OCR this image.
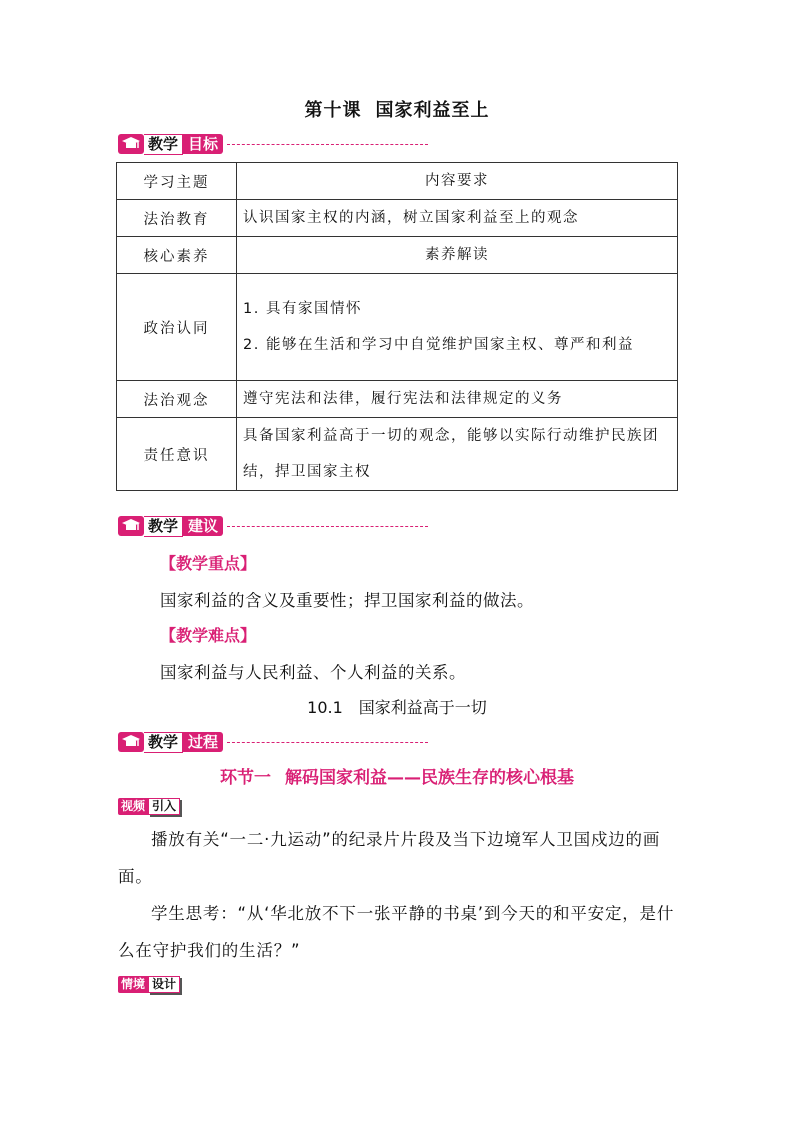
第十课 国家利益至上
教学 目标
学习主题	内容要求
法治教育	认识国家主权的内涵，树立国家利益至上的观念
核心素养	素养解读
政治认同	1. 具有家国情怀
2. 能够在生活和学习中自觉维护国家主权、尊严和利益

法治观念	遵守宪法和法律，履行宪法和法律规定的义务
责任意识	具备国家利益高于一切的观念，能够以实际行动维护民族团结，捍卫国家主权
教学 建议
【教学重点】
国家利益的含义及重要性；捍卫国家利益的做法。
【教学难点】
国家利益与人民利益、个人利益的关系。
10.1　国家利益高于一切
教学 过程
环节一 解码国家利益——民族生存的核心根基
视频 引入
播放有关“一二·九运动”的纪录片片段及当下边境军人卫国戍边的画面。
学生思考：“从‘华北放不下一张平静的书桌’到今天的和平安定，是什么在守护我们的生活？”
情境 设计
